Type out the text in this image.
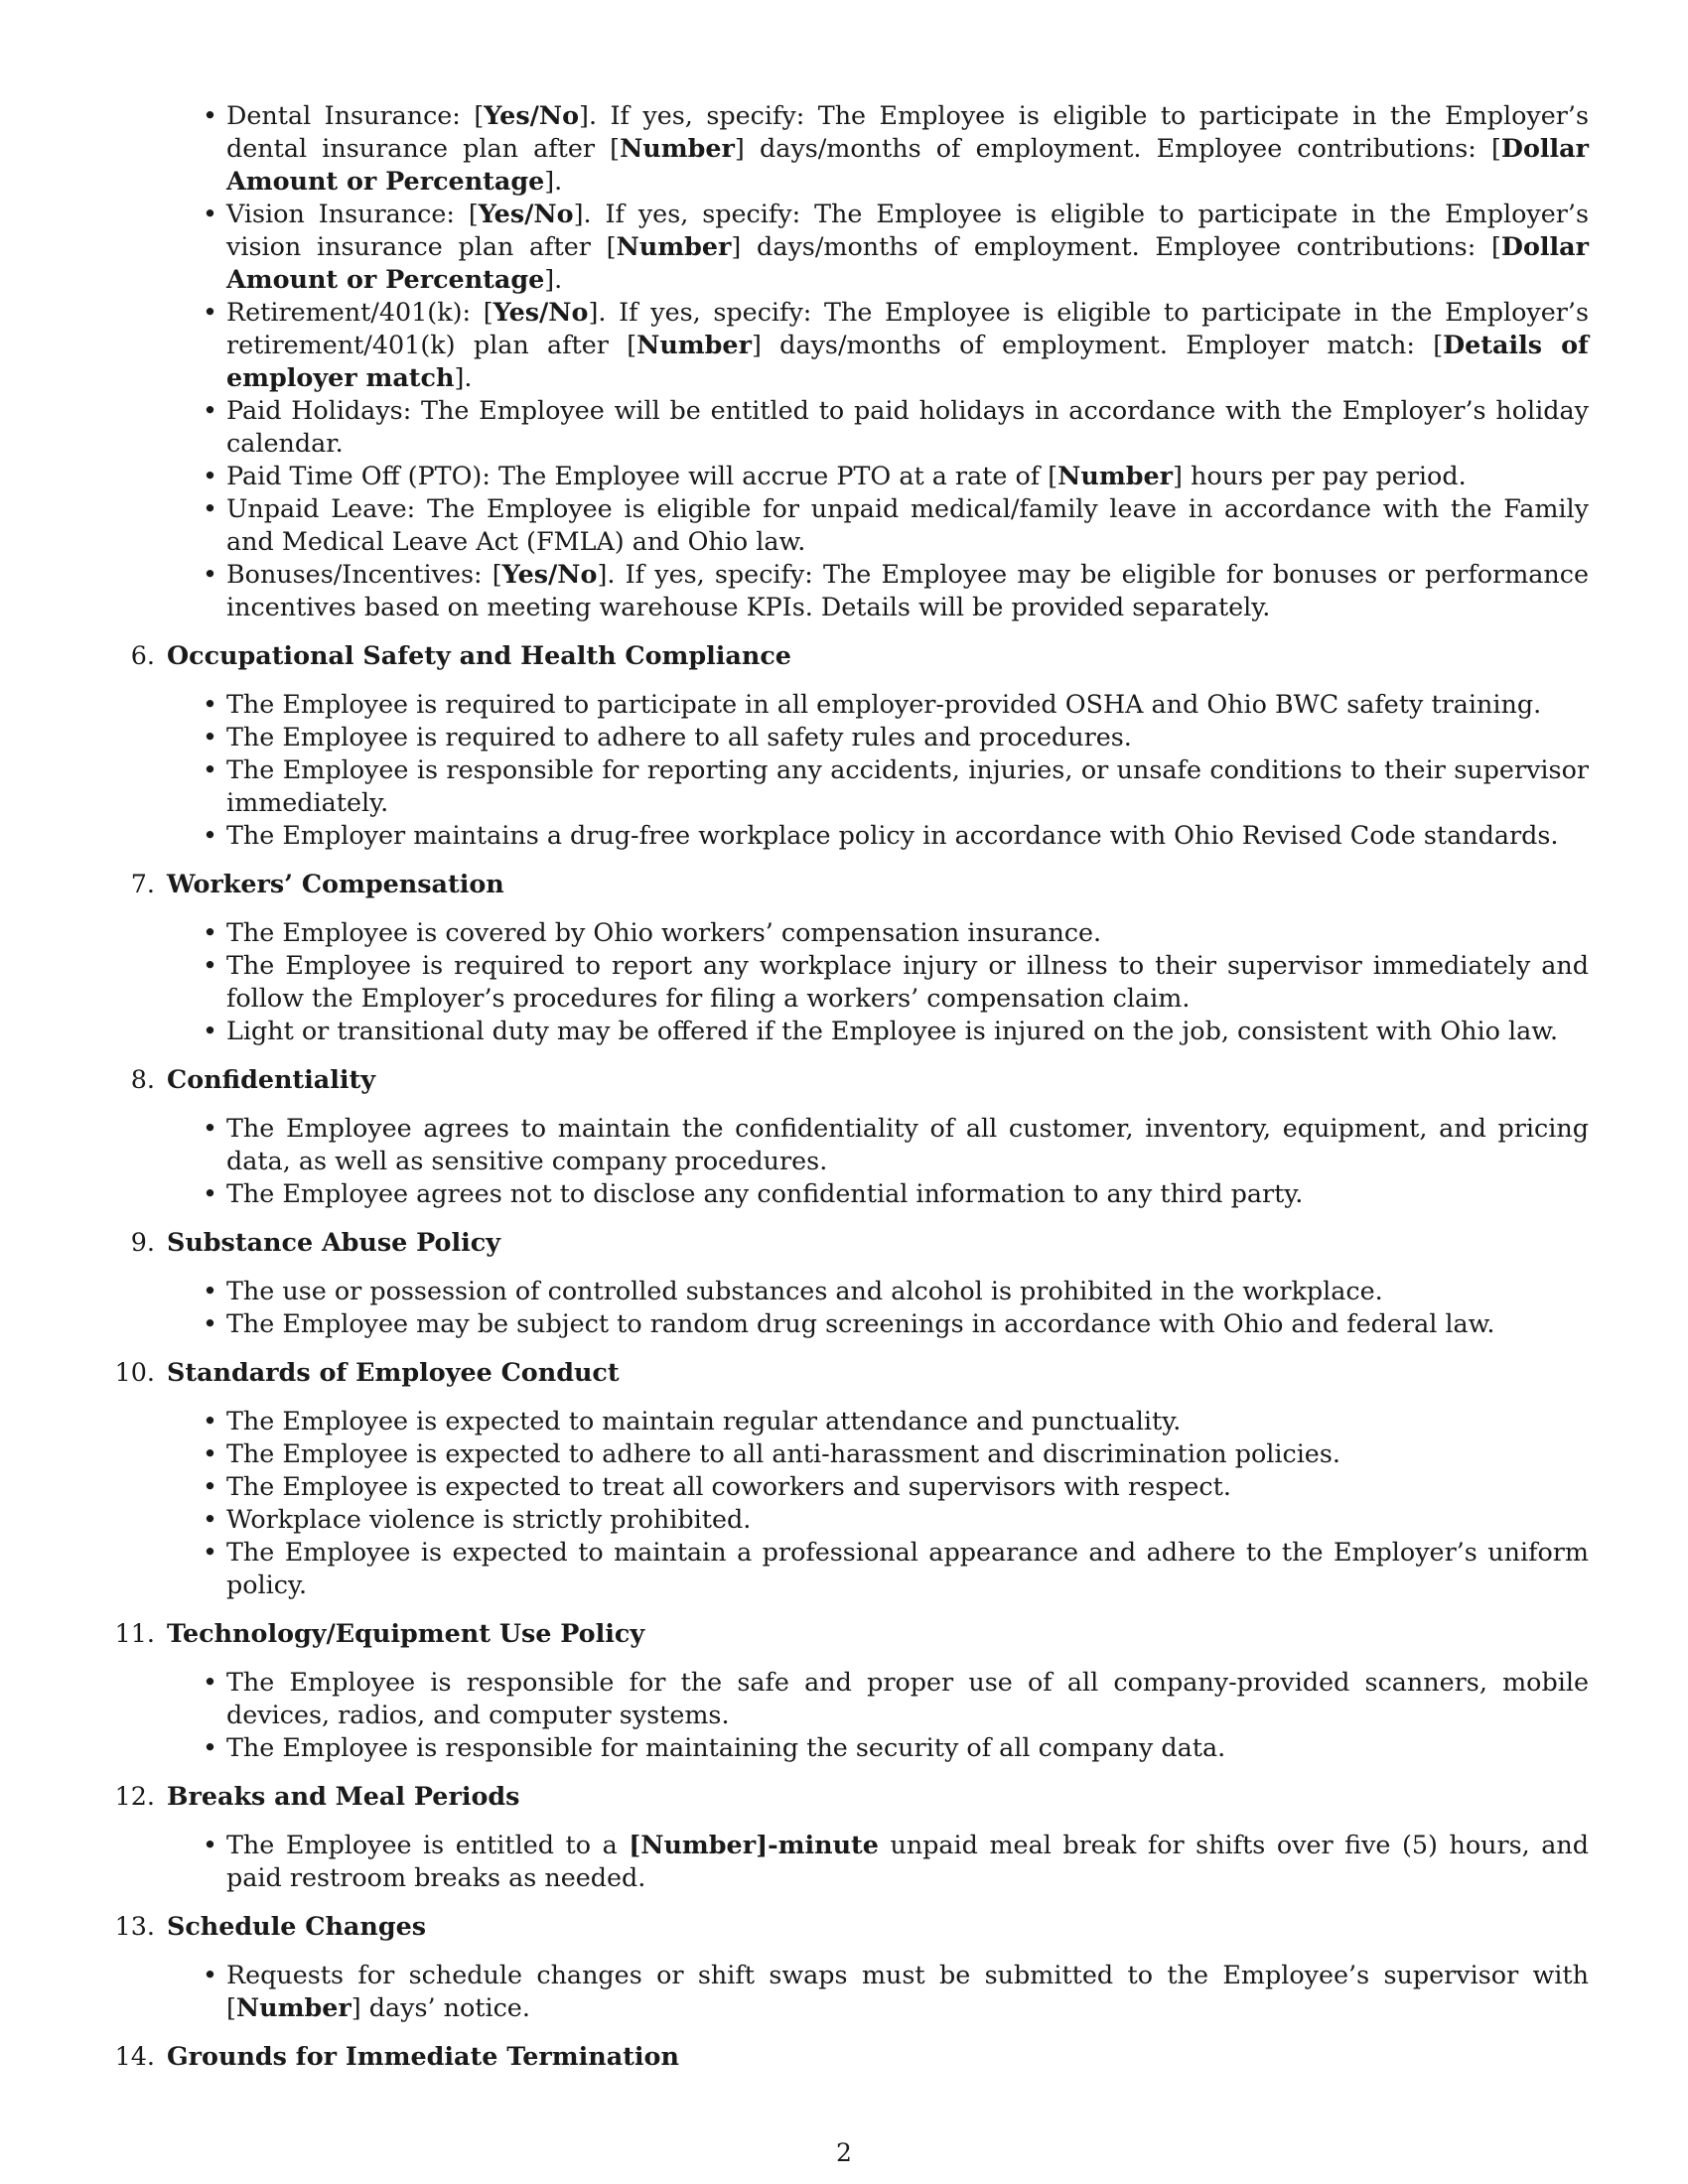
• Dental Insurance: [Yes/No]. If yes, specify: The Employee is eligible to participate in the Employer’s dental insurance plan after [Number] days/months of employment. Employee contributions: [Dollar Amount or Percentage].
• Vision Insurance: [Yes/No]. If yes, specify: The Employee is eligible to participate in the Employer’s vision insurance plan after [Number] days/months of employment. Employee contributions: [Dollar Amount or Percentage].
• Retirement/401(k): [Yes/No]. If yes, specify: The Employee is eligible to participate in the Employer’s retirement/401(k) plan after [Number] days/months of employment. Employer match: [Details of employer match].
• Paid Holidays: The Employee will be entitled to paid holidays in accordance with the Employer’s holiday calendar.
• Paid Time Off (PTO): The Employee will accrue PTO at a rate of [Number] hours per pay period.
• Unpaid Leave: The Employee is eligible for unpaid medical/family leave in accordance with the Family and Medical Leave Act (FMLA) and Ohio law.
• Bonuses/Incentives: [Yes/No]. If yes, specify: The Employee may be eligible for bonuses or performance incentives based on meeting warehouse KPIs. Details will be provided separately.
6. Occupational Safety and Health Compliance
• The Employee is required to participate in all employer-provided OSHA and Ohio BWC safety training.
• The Employee is required to adhere to all safety rules and procedures.
• The Employee is responsible for reporting any accidents, injuries, or unsafe conditions to their supervisor immediately.
• The Employer maintains a drug-free workplace policy in accordance with Ohio Revised Code standards.
7. Workers’ Compensation
• The Employee is covered by Ohio workers’ compensation insurance.
• The Employee is required to report any workplace injury or illness to their supervisor immediately and follow the Employer’s procedures for filing a workers’ compensation claim.
• Light or transitional duty may be offered if the Employee is injured on the job, consistent with Ohio law.
8. Confidentiality
• The Employee agrees to maintain the confidentiality of all customer, inventory, equipment, and pricing data, as well as sensitive company procedures.
• The Employee agrees not to disclose any confidential information to any third party.
9. Substance Abuse Policy
• The use or possession of controlled substances and alcohol is prohibited in the workplace.
• The Employee may be subject to random drug screenings in accordance with Ohio and federal law.
10. Standards of Employee Conduct
• The Employee is expected to maintain regular attendance and punctuality.
• The Employee is expected to adhere to all anti-harassment and discrimination policies.
• The Employee is expected to treat all coworkers and supervisors with respect.
• Workplace violence is strictly prohibited.
• The Employee is expected to maintain a professional appearance and adhere to the Employer’s uniform policy.
11. Technology/Equipment Use Policy
• The Employee is responsible for the safe and proper use of all company-provided scanners, mobile devices, radios, and computer systems.
• The Employee is responsible for maintaining the security of all company data.
12. Breaks and Meal Periods
• The Employee is entitled to a [Number]-minute unpaid meal break for shifts over five (5) hours, and paid restroom breaks as needed.
13. Schedule Changes
• Requests for schedule changes or shift swaps must be submitted to the Employee’s supervisor with [Number] days’ notice.
14. Grounds for Immediate Termination
2
